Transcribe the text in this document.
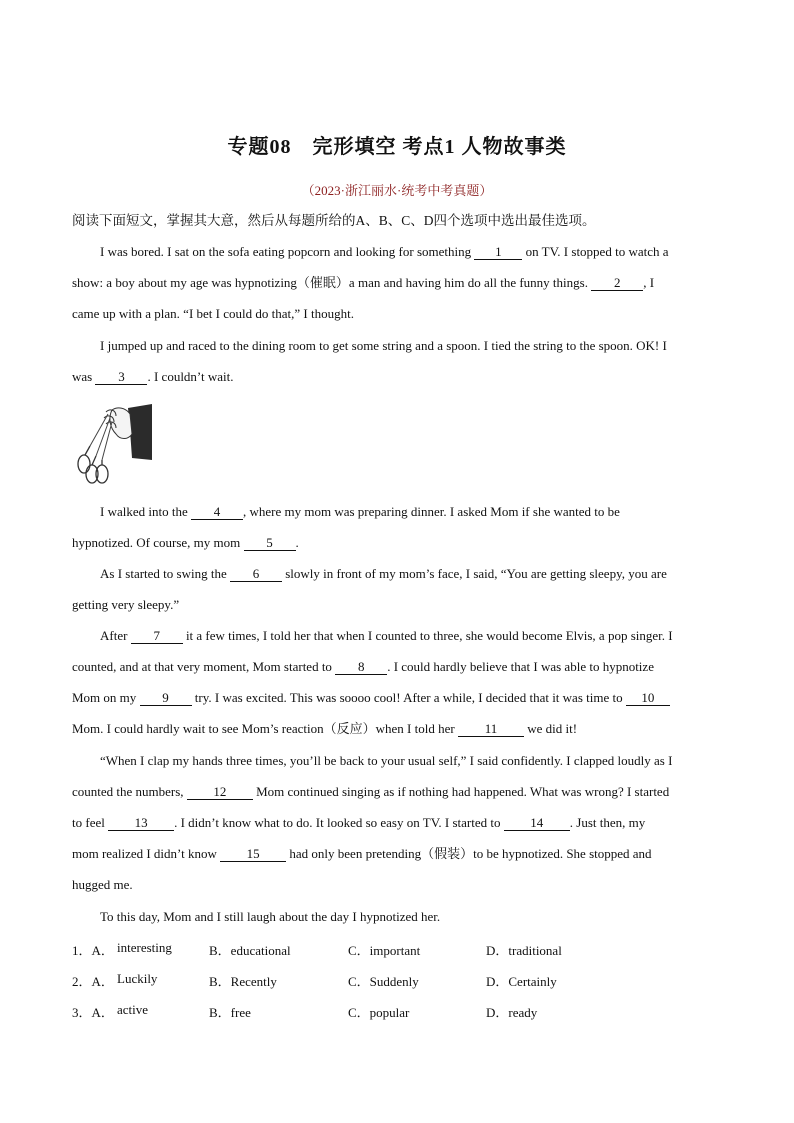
专题08　完形填空 考点1 人物故事类
（2023·浙江丽水·统考中考真题）
阅读下面短文，掌握其大意，然后从每题所给的A、B、C、D四个选项中选出最佳选项。
I was bored. I sat on the sofa eating popcorn and looking for something 1 on TV. I stopped to watch a
show: a boy about my age was hypnotizing（催眠）a man and having him do all the funny things. 2 , I
came up with a plan. “I bet I could do that,” I thought.
I jumped up and raced to the dining room to get some string and a spoon. I tied the string to the spoon. OK! I
was 3 . I couldn’t wait.
I walked into the 4 , where my mom was preparing dinner. I asked Mom if she wanted to be
hypnotized. Of course, my mom 5 .
As I started to swing the 6 slowly in front of my mom’s face, I said, “You are getting sleepy, you are
getting very sleepy.”
After 7 it a few times, I told her that when I counted to three, she would become Elvis, a pop singer. I
counted, and at that very moment, Mom started to 8 . I could hardly believe that I was able to hypnotize
Mom on my 9 try. I was excited. This was soooo cool! After a while, I decided that it was time to 10
Mom. I could hardly wait to see Mom’s reaction（反应）when I told her 11 we did it!
“When I clap my hands three times, you’ll be back to your usual self,” I said confidently. I clapped loudly as I
counted the numbers, 12 Mom continued singing as if nothing had happened. What was wrong? I started
to feel 13 . I didn’t know what to do. It looked so easy on TV. I started to 14 . Just then, my
mom realized I didn’t know 15 had only been pretending（假装）to be hypnotized. She stopped and
hugged me.
To this day, Mom and I still laugh about the day I hypnotized her.
1．A． interesting	B．educational	C．important	D．traditional
2．A． Luckily	B．Recently	C．Suddenly	D．Certainly
3．A． active	B．free	C．popular	D．ready
